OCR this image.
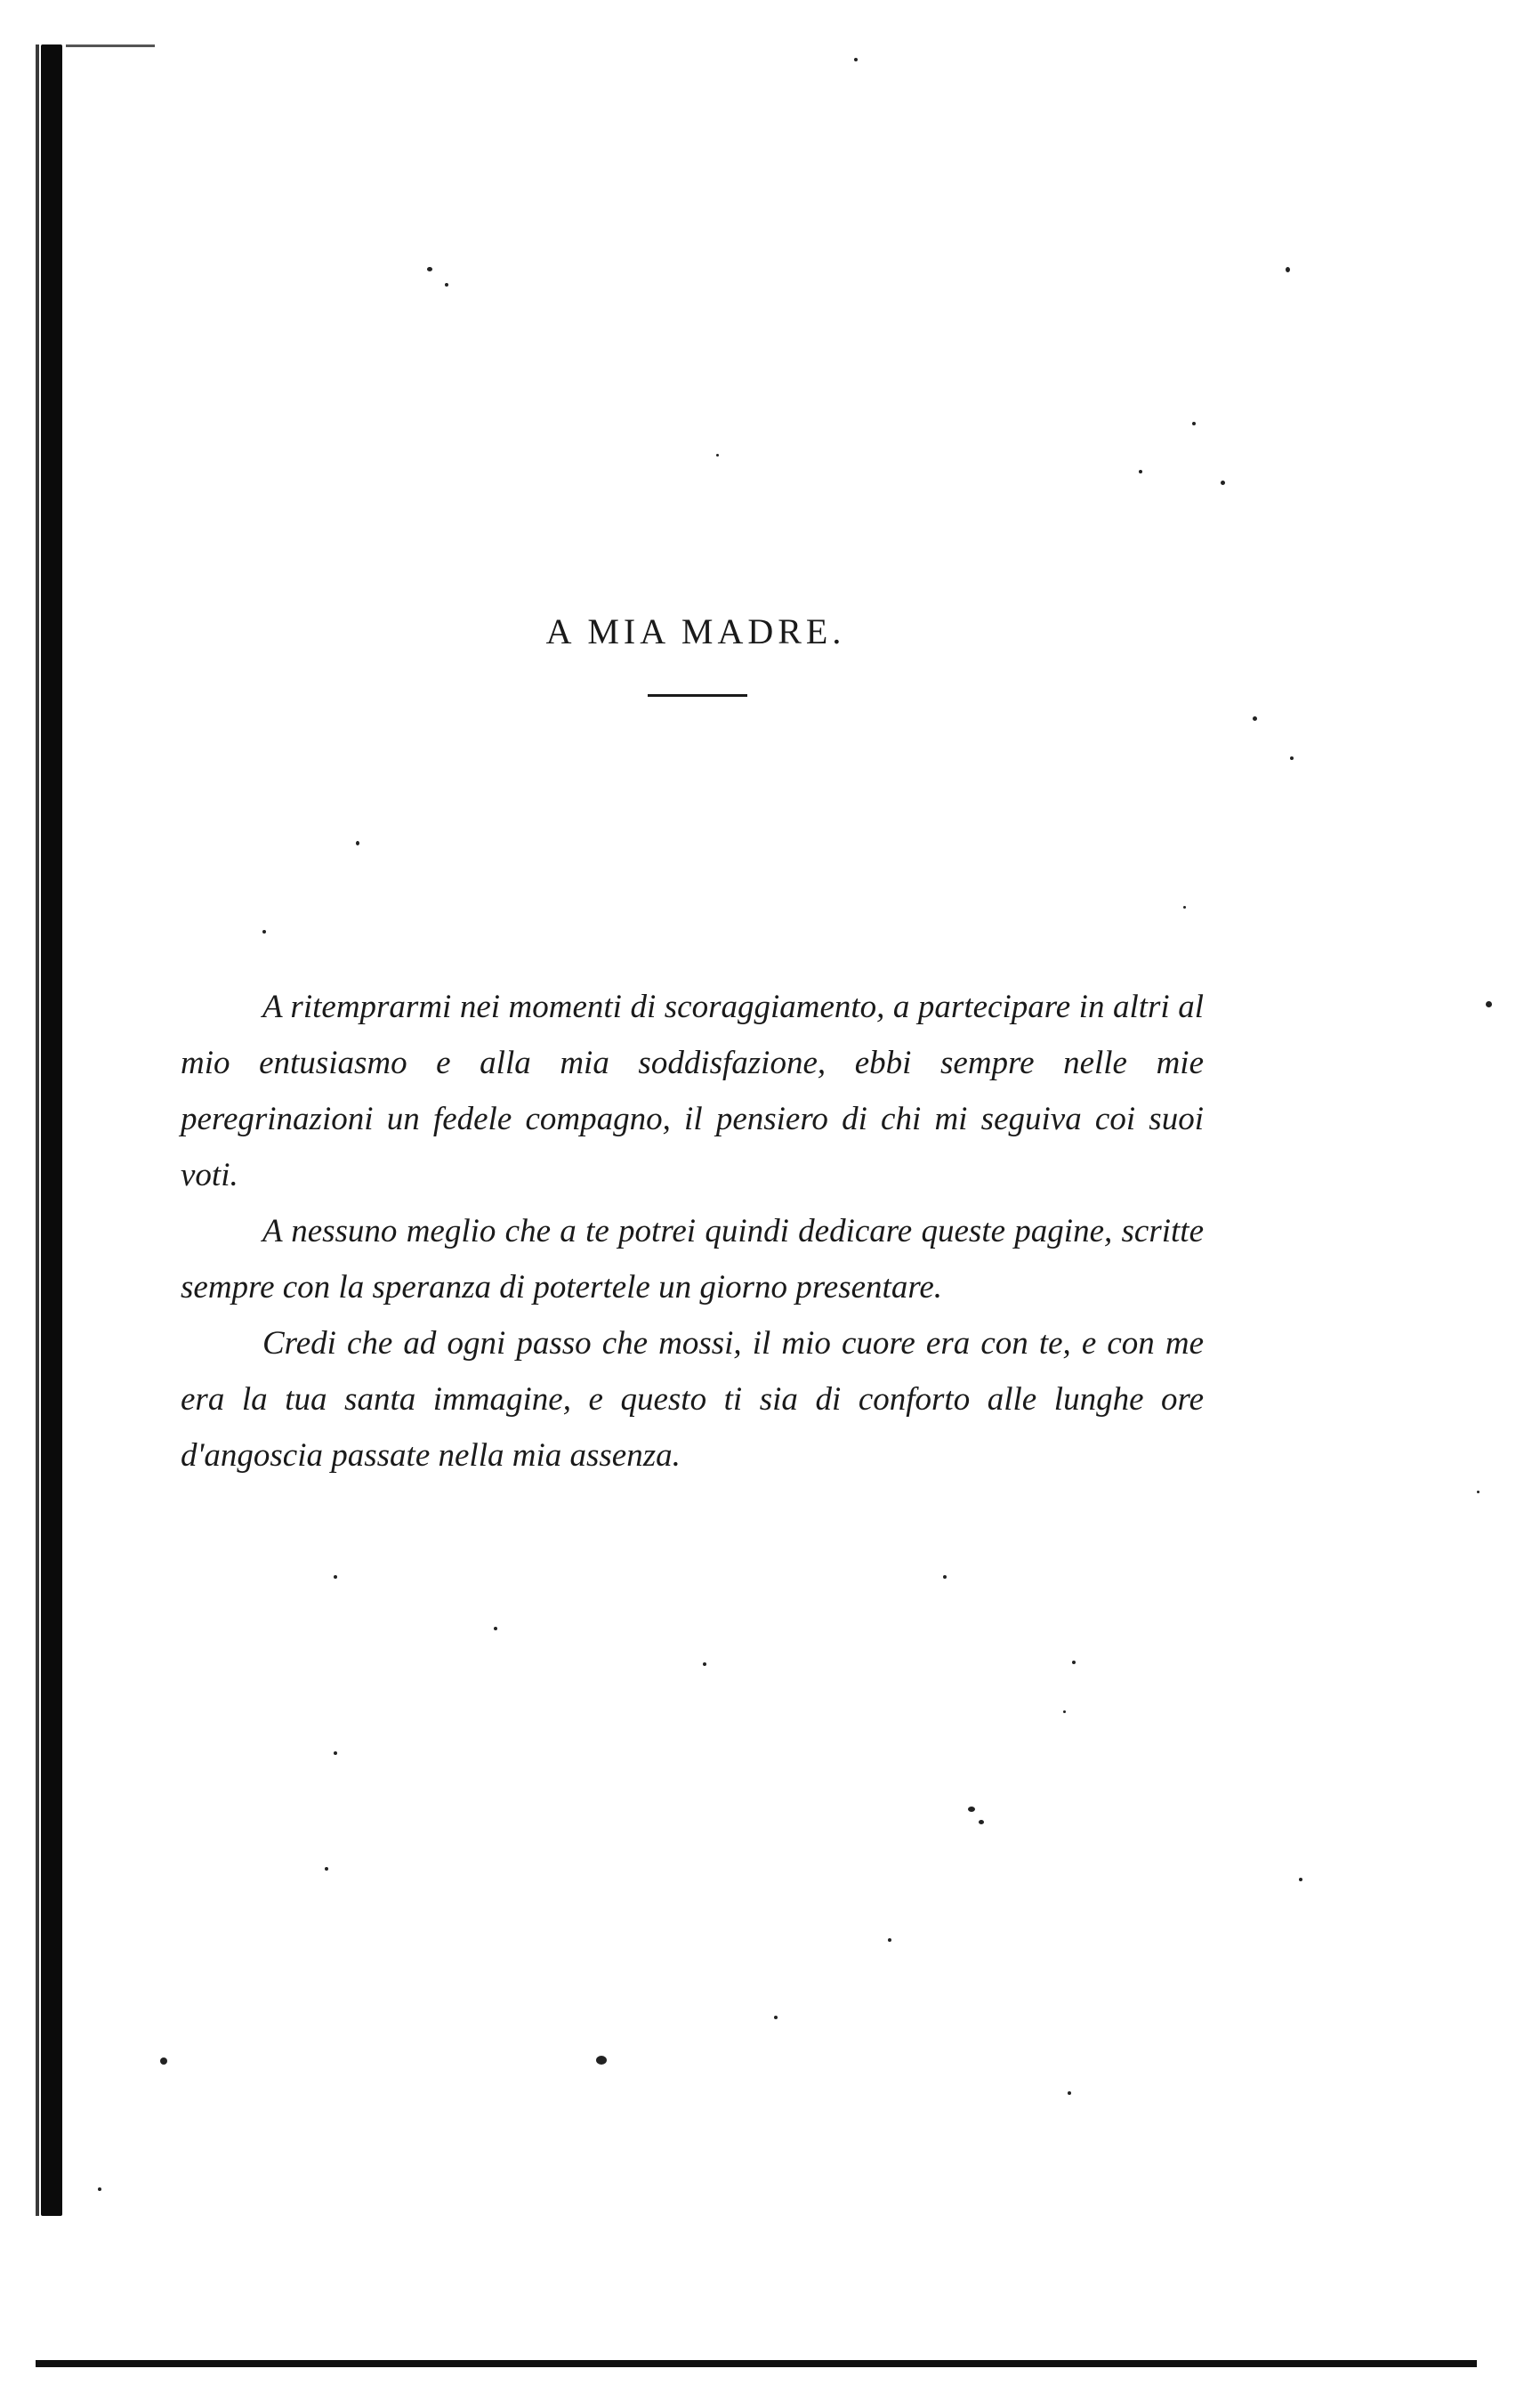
A MIA MADRE.

A ritemprarmi nei momenti di scoraggiamento, a partecipare in altri al mio entusiasmo e alla mia soddisfazione, ebbi sempre nelle mie peregrinazioni un fedele compagno, il pensiero di chi mi seguiva coi suoi voti.

A nessuno meglio che a te potrei quindi dedicare queste pagine, scritte sempre con la speranza di potertele un giorno presentare.

Credi che ad ogni passo che mossi, il mio cuore era con te, e con me era la tua santa immagine, e questo ti sia di conforto alle lunghe ore d'angoscia passate nella mia assenza.
